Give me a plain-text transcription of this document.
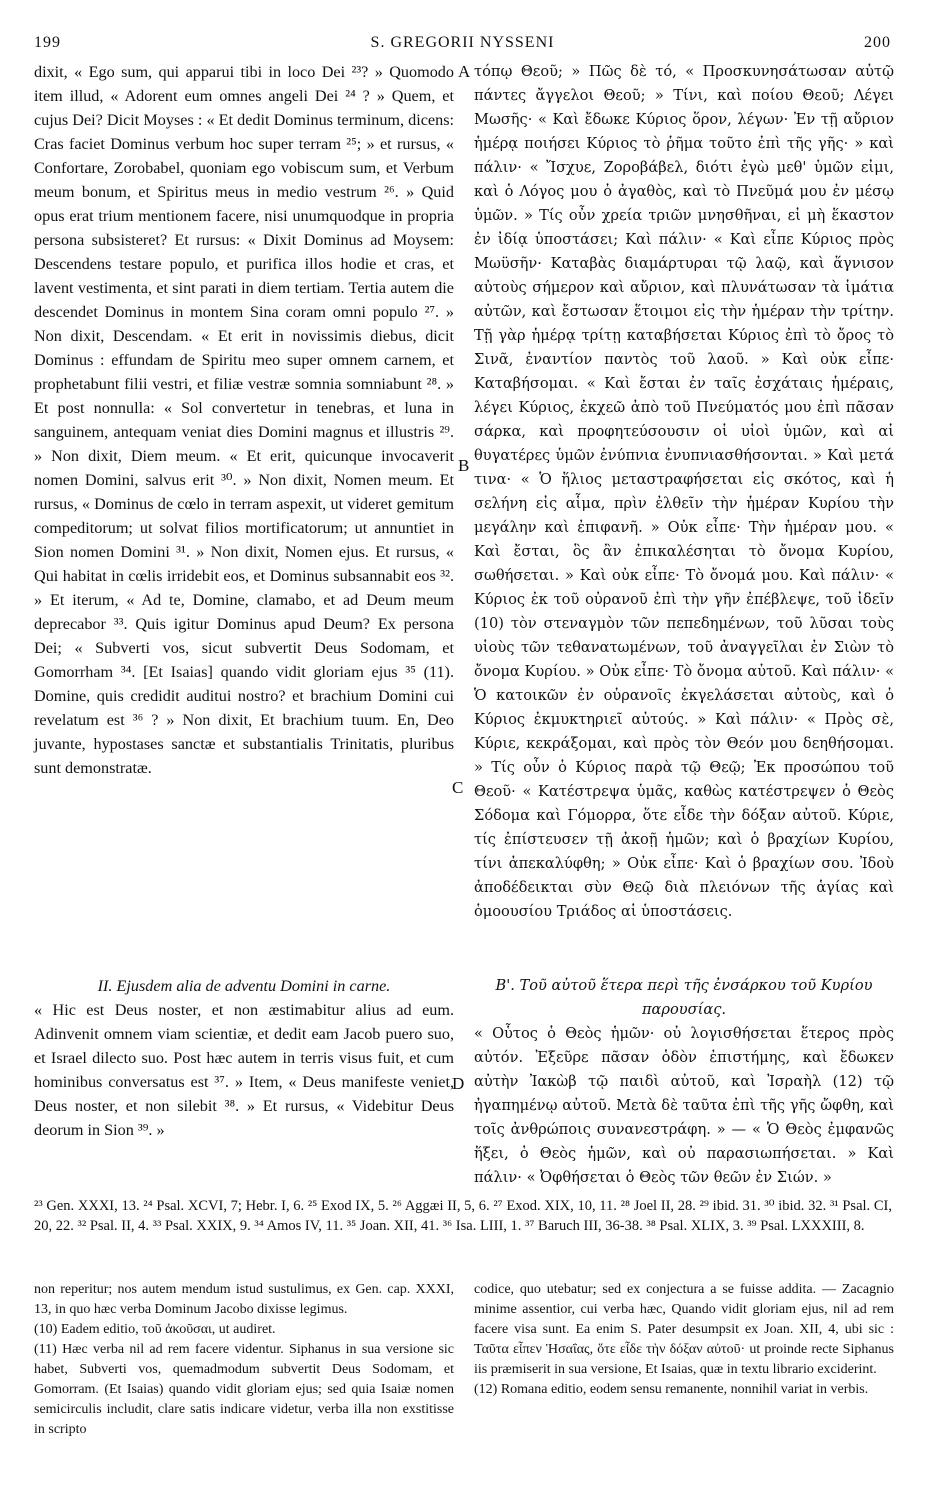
199	S. GREGORII NYSSENI	200

dixit, « Ego sum, qui apparui tibi in loco Dei ²³? » Quomodo item illud, « Adorent eum omnes angeli Dei ²⁴ ? » Quem, et cujus Dei? Dicit Moyses : « Et dedit Dominus terminum, dicens: Cras faciet Dominus verbum hoc super terram ²⁵; » et rursus, « Confortare, Zorobabel, quoniam ego vobiscum sum, et Verbum meum bonum, et Spiritus meus in medio vestrum ²⁶. » Quid opus erat trium mentionem facere, nisi unumquodque in propria persona subsisteret? Et rursus: « Dixit Dominus ad Moysem: Descendens testare populo, et purifica illos hodie et cras, et lavent vestimenta, et sint parati in diem tertiam. Tertia autem die descendet Dominus in montem Sina coram omni populo ²⁷. » Non dixit, Descendam. « Et erit in novissimis diebus, dicit Dominus : effundam de Spiritu meo super omnem carnem, et prophetabunt filii vestri, et filiæ vestræ somnia somniabunt ²⁸. » Et post nonnulla: « Sol convertetur in tenebras, et luna in sanguinem, antequam veniat dies Domini magnus et illustris ²⁹. » Non dixit, Diem meum. « Et erit, quicunque invocaverit nomen Domini, salvus erit ³⁰. » Non dixit, Nomen meum. Et rursus, « Dominus de cœlo in terram aspexit, ut videret gemitum compeditorum; ut solvat filios mortificatorum; ut annuntiet in Sion nomen Domini ³¹. » Non dixit, Nomen ejus. Et rursus, « Qui habitat in cœlis irridebit eos, et Dominus subsannabit eos ³². » Et iterum, « Ad te, Domine, clamabo, et ad Deum meum deprecabor ³³. Quis igitur Dominus apud Deum? Ex persona Dei; « Subverti vos, sicut subvertit Deus Sodomam, et Gomorrham ³⁴. [Et Isaias] quando vidit gloriam ejus ³⁵ (11). Domine, quis credidit auditui nostro? et brachium Domini cui revelatum est ³⁶ ? » Non dixit, Et brachium tuum. En, Deo juvante, hypostases sanctæ et substantialis Trinitatis, pluribus sunt demonstratæ.

A
B
C
D

τόπῳ Θεοῦ; » Πῶς δὲ τό, « Προσκυνησάτωσαν αὐτῷ πάντες ἄγγελοι Θεοῦ; » Τίνι, καὶ ποίου Θεοῦ; Λέγει Μωσῆς· « Καὶ ἔδωκε Κύριος ὅρον, λέγων· Ἐν τῇ αὔριον ἡμέρᾳ ποιήσει Κύριος τὸ ῥῆμα τοῦτο ἐπὶ τῆς γῆς· » καὶ πάλιν· « Ἴσχυε, Ζοροβάβελ, διότι ἐγὼ μεθ' ὑμῶν εἰμι, καὶ ὁ Λόγος μου ὁ ἀγαθὸς, καὶ τὸ Πνεῦμά μου ἐν μέσῳ ὑμῶν. » Τίς οὖν χρεία τριῶν μνησθῆναι, εἰ μὴ ἕκαστον ἐν ἰδίᾳ ὑποστάσει; Καὶ πάλιν· « Καὶ εἶπε Κύριος πρὸς Μωϋσῆν· Καταβὰς διαμάρτυραι τῷ λαῷ, καὶ ἅγνισον αὐτοὺς σήμερον καὶ αὔριον, καὶ πλυνάτωσαν τὰ ἱμάτια αὐτῶν, καὶ ἔστωσαν ἕτοιμοι εἰς τὴν ἡμέραν τὴν τρίτην. Τῇ γὰρ ἡμέρᾳ τρίτῃ καταβήσεται Κύριος ἐπὶ τὸ ὄρος τὸ Σινᾶ, ἐναντίον παντὸς τοῦ λαοῦ. » Καὶ οὐκ εἶπε· Καταβήσομαι. « Καὶ ἔσται ἐν ταῖς ἐσχάταις ἡμέραις, λέγει Κύριος, ἐκχεῶ ἀπὸ τοῦ Πνεύματός μου ἐπὶ πᾶσαν σάρκα, καὶ προφητεύσουσιν οἱ υἱοὶ ὑμῶν, καὶ αἱ θυγατέρες ὑμῶν ἐνύπνια ἐνυπνιασθήσονται. » Καὶ μετά τινα· « Ὁ ἥλιος μεταστραφήσεται εἰς σκότος, καὶ ἡ σελήνη εἰς αἷμα, πρὶν ἐλθεῖν τὴν ἡμέραν Κυρίου τὴν μεγάλην καὶ ἐπιφανῆ. » Οὐκ εἶπε· Τὴν ἡμέραν μου. « Καὶ ἔσται, ὃς ἂν ἐπικαλέσηται τὸ ὄνομα Κυρίου, σωθήσεται. » Καὶ οὐκ εἶπε· Τὸ ὄνομά μου. Καὶ πάλιν· « Κύριος ἐκ τοῦ οὐρανοῦ ἐπὶ τὴν γῆν ἐπέβλεψε, τοῦ ἰδεῖν (10) τὸν στεναγμὸν τῶν πεπεδημένων, τοῦ λῦσαι τοὺς υἱοὺς τῶν τεθανατωμένων, τοῦ ἀναγγεῖλαι ἐν Σιὼν τὸ ὄνομα Κυρίου. » Οὐκ εἶπε· Τὸ ὄνομα αὐτοῦ. Καὶ πάλιν· « Ὁ κατοικῶν ἐν οὐρανοῖς ἐκγελάσεται αὐτοὺς, καὶ ὁ Κύριος ἐκμυκτηριεῖ αὐτούς. » Καὶ πάλιν· « Πρὸς σὲ, Κύριε, κεκράξομαι, καὶ πρὸς τὸν Θεόν μου δεηθήσομαι. » Τίς οὖν ὁ Κύριος παρὰ τῷ Θεῷ; Ἐκ προσώπου τοῦ Θεοῦ· « Κατέστρεψα ὑμᾶς, καθὼς κατέστρεψεν ὁ Θεὸς Σόδομα καὶ Γόμορρα, ὅτε εἶδε τὴν δόξαν αὐτοῦ. Κύριε, τίς ἐπίστευσεν τῇ ἀκοῇ ἡμῶν; καὶ ὁ βραχίων Κυρίου, τίνι ἀπεκαλύφθη; » Οὐκ εἶπε· Καὶ ὁ βραχίων σου. Ἰδοὺ ἀποδέδεικται σὺν Θεῷ διὰ πλειόνων τῆς ἁγίας καὶ ὁμοουσίου Τριάδος αἱ ὑποστάσεις.

II. Ejusdem alia de adventu Domini in carne.

« Hic est Deus noster, et non æstimabitur alius ad eum. Adinvenit omnem viam scientiæ, et dedit eam Jacob puero suo, et Israel dilecto suo. Post hæc autem in terris visus fuit, et cum hominibus conversatus est ³⁷. » Item, « Deus manifeste veniet, Deus noster, et non silebit ³⁸. » Et rursus, « Videbitur Deus deorum in Sion ³⁹. »

Β'. Τοῦ αὐτοῦ ἕτερα περὶ τῆς ἐνσάρκου τοῦ Κυρίου παρουσίας.

« Οὗτος ὁ Θεὸς ἡμῶν· οὐ λογισθήσεται ἕτερος πρὸς αὐτόν. Ἐξεῦρε πᾶσαν ὁδὸν ἐπιστήμης, καὶ ἔδωκεν αὐτὴν Ἰακὼβ τῷ παιδὶ αὐτοῦ, καὶ Ἰσραὴλ (12) τῷ ἠγαπημένῳ αὐτοῦ. Μετὰ δὲ ταῦτα ἐπὶ τῆς γῆς ὤφθη, καὶ τοῖς ἀνθρώποις συνανεστράφη. » — « Ὁ Θεὸς ἐμφανῶς ἥξει, ὁ Θεὸς ἡμῶν, καὶ οὐ παρασιωπήσεται. » Καὶ πάλιν· « Ὀφθήσεται ὁ Θεὸς τῶν θεῶν ἐν Σιών. »

²³ Gen. XXXI, 13. ²⁴ Psal. XCVI, 7; Hebr. I, 6. ²⁵ Exod IX, 5. ²⁶ Aggæi II, 5, 6. ²⁷ Exod. XIX, 10, 11. ²⁸ Joel II, 28. ²⁹ ibid. 31. ³⁰ ibid. 32. ³¹ Psal. CI, 20, 22. ³² Psal. II, 4. ³³ Psal. XXIX, 9. ³⁴ Amos IV, 11. ³⁵ Joan. XII, 41. ³⁶ Isa. LIII, 1. ³⁷ Baruch III, 36-38. ³⁸ Psal. XLIX, 3. ³⁹ Psal. LXXXIII, 8.

non reperitur; nos autem mendum istud sustulimus, ex Gen. cap. XXXI, 13, in quo hæc verba Dominum Jacobo dixisse legimus.

(10) Eadem editio, τοῦ ἀκοῦσαι, ut audiret.

(11) Hæc verba nil ad rem facere videntur. Siphanus in sua versione sic habet, Subverti vos, quemadmodum subvertit Deus Sodomam, et Gomorram. (Et Isaias) quando vidit gloriam ejus; sed quia Isaiæ nomen semicirculis includit, clare satis indicare videtur, verba illa non exstitisse in scripto

codice, quo utebatur; sed ex conjectura a se fuisse addita. — Zacagnio minime assentior, cui verba hæc, Quando vidit gloriam ejus, nil ad rem facere visa sunt. Ea enim S. Pater desumpsit ex Joan. XII, 4, ubi sic : Ταῦτα εἶπεν Ἡσαΐας, ὅτε εἶδε τὴν δόξαν αὐτοῦ· ut proinde recte Siphanus iis præmiserit in sua versione, Et Isaias, quæ in textu librario exciderint.

(12) Romana editio, eodem sensu remanente, nonnihil variat in verbis.
